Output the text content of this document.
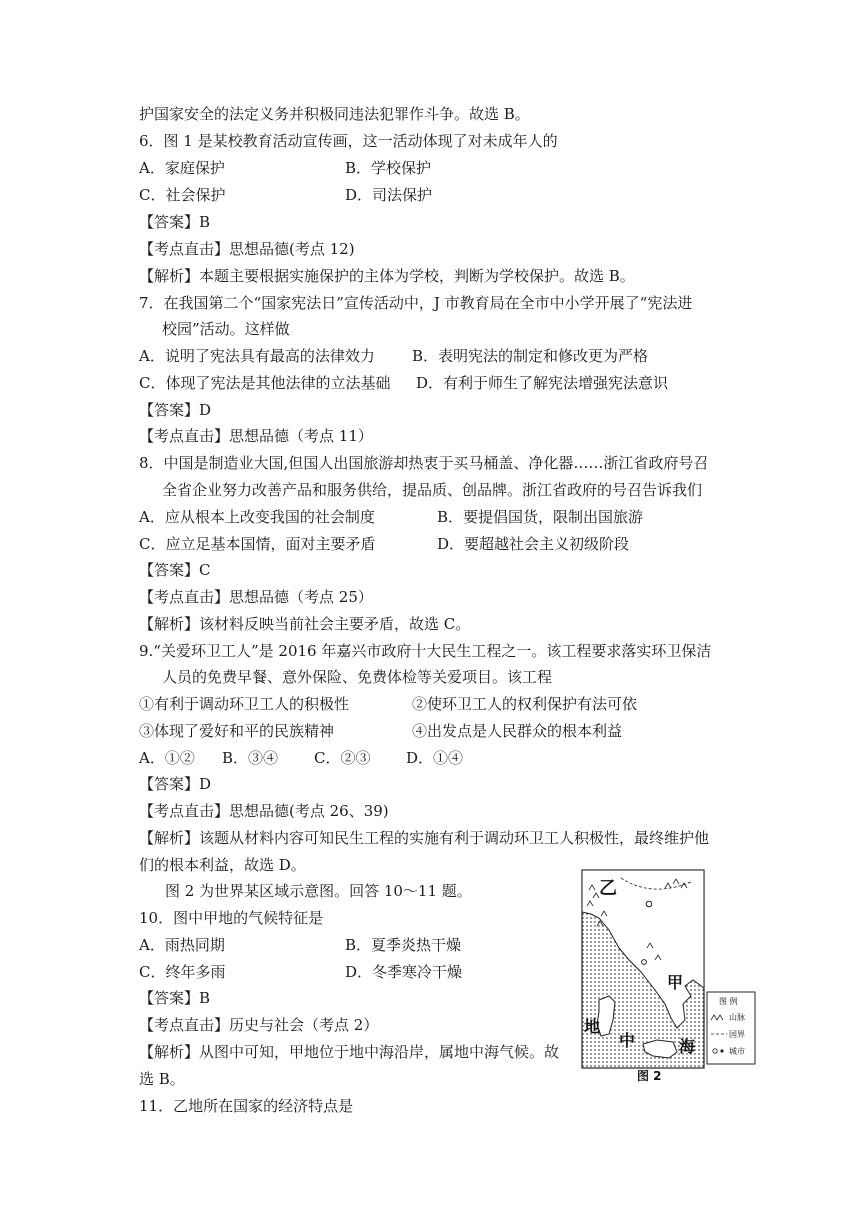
护国家安全的法定义务并积极同违法犯罪作斗争。故选 B。
6．图 1 是某校教育活动宣传画，这一活动体现了对未成年人的
A．家庭保护	B．学校保护
C．社会保护	D．司法保护
【答案】B
【考点直击】思想品德(考点 12)
【解析】本题主要根据实施保护的主体为学校，判断为学校保护。故选 B。
7．在我国第二个“国家宪法日”宣传活动中，J 市教育局在全市中小学开展了“宪法进
校园”活动。这样做
A．说明了宪法具有最高的法律效力 B．表明宪法的制定和修改更为严格
C．体现了宪法是其他法律的立法基础 D．有利于师生了解宪法增强宪法意识
【答案】D
【考点直击】思想品德（考点 11）
8．中国是制造业大国,但国人出国旅游却热衷于买马桶盖、净化器……浙江省政府号召
全省企业努力改善产品和服务供给，提品质、创品牌。浙江省政府的号召告诉我们
A．应从根本上改变我国的社会制度	B．要提倡国货，限制出国旅游
C．应立足基本国情，面对主要矛盾	D．要超越社会主义初级阶段
【答案】C
【考点直击】思想品德（考点 25）
【解析】该材料反映当前社会主要矛盾，故选 C。
9.“关爱环卫工人”是 2016 年嘉兴市政府十大民生工程之一。该工程要求落实环卫保洁
人员的免费早餐、意外保险、免费体检等关爱项目。该工程
①有利于调动环卫工人的积极性	②使环卫工人的权利保护有法可依
③体现了爱好和平的民族精神	④出发点是人民群众的根本利益
A．①② B．③④ C．②③ D．①④
【答案】D
【考点直击】思想品德(考点 26、39)
【解析】该题从材料内容可知民生工程的实施有利于调动环卫工人积极性，最终维护他
们的根本利益，故选 D。
图 2 为世界某区域示意图。回答 10～11 题。
10．图中甲地的气候特征是
A．雨热同期	B．夏季炎热干燥
C．终年多雨	D．冬季寒冷干燥
【答案】B
【考点直击】历史与社会（考点 2）
【解析】从图中可知，甲地位于地中海沿岸，属地中海气候。故
选 B。
11．乙地所在国家的经济特点是
乙
甲
地
中	海
图 2
图 例
山脉
国界
城市
